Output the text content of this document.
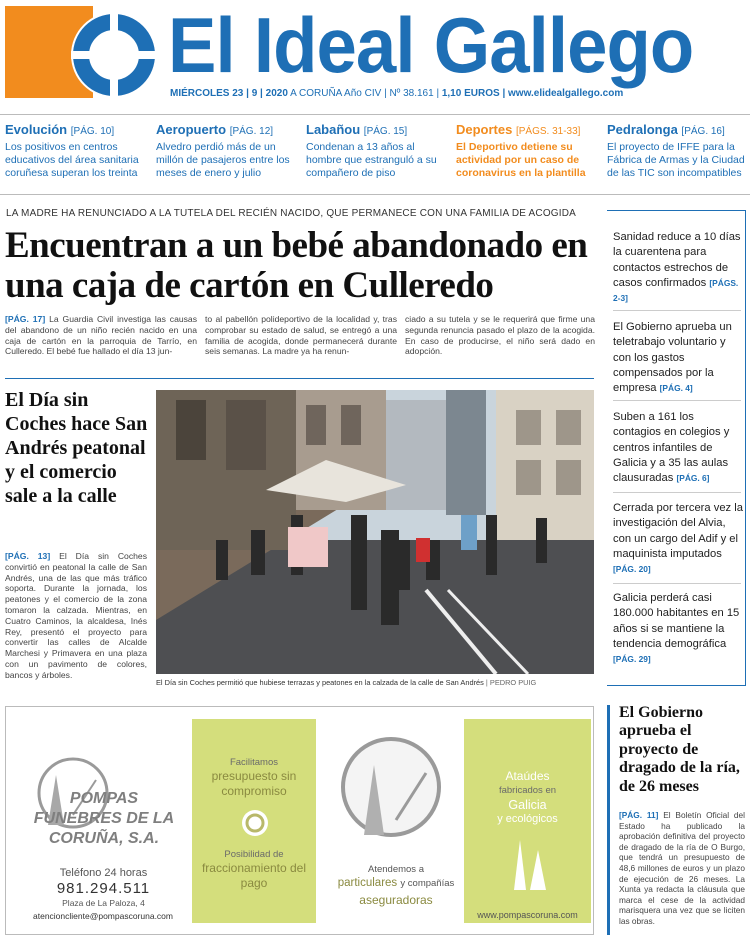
El Ideal Gallego
MIÉRCOLES 23 | 9 | 2020 A CORUÑA Año CIV | Nº 38.161 | 1,10 EUROS | www.elidealgallego.com
Evolución [PÁG. 10]
Los positivos en centros educativos del área sanitaria coruñesa superan los treinta
Aeropuerto [PÁG. 12]
Alvedro perdió más de un millón de pasajeros entre los meses de enero y julio
Labañou [PÁG. 15]
Condenan a 13 años al hombre que estranguló a su compañero de piso
Deportes [PÁGS. 31-33]
El Deportivo detiene su actividad por un caso de coronavirus en la plantilla
Pedralonga [PÁG. 16]
El proyecto de IFFE para la Fábrica de Armas y la Ciudad de las TIC son incompatibles
LA MADRE HA RENUNCIADO A LA TUTELA DEL RECIÉN NACIDO, QUE PERMANECE CON UNA FAMILIA DE ACOGIDA
Encuentran a un bebé abandonado en una caja de cartón en Culleredo
[PÁG. 17] La Guardia Civil investiga las causas del abandono de un niño recién nacido en una caja de cartón en la parroquia de Tarrío, en Culleredo. El bebé fue hallado el día 13 jun-
to al pabellón polideportivo de la localidad y, tras comprobar su estado de salud, se entregó a una familia de acogida, donde permanecerá durante seis semanas. La madre ya ha renun-
ciado a su tutela y se le requerirá que firme una segunda renuncia pasado el plazo de la acogida. En caso de producirse, el niño será dado en adopción.
El Día sin Coches hace San Andrés peatonal y el comercio sale a la calle
[PÁG. 13] El Día sin Coches convirtió en peatonal la calle de San Andrés, una de las que más tráfico soporta. Durante la jornada, los peatones y el comercio de la zona tomaron la calzada. Mientras, en Cuatro Caminos, la alcaldesa, Inés Rey, presentó el proyecto para convertir las calles de Alcalde Marchesi y Primavera en una plaza con un pavimento de colores, bancos y árboles.
El Día sin Coches permitió que hubiese terrazas y peatones en la calzada de la calle de San Andrés | PEDRO PUIG
Sanidad reduce a 10 días la cuarentena para contactos estrechos de casos confirmados [PÁGS. 2-3]
El Gobierno aprueba un teletrabajo voluntario y con los gastos compensados por la empresa [PÁG. 4]
Suben a 161 los contagios en colegios y centros infantiles de Galicia y a 35 las aulas clausuradas [PÁG. 6]
Cerrada por tercera vez la investigación del Alvia, con un cargo del Adif y el maquinista imputados [PÁG. 20]
Galicia perderá casi 180.000 habitantes en 15 años si se mantiene la tendencia demográfica [PÁG. 29]
El Gobierno aprueba el proyecto de dragado de la ría, de 26 meses
[PÁG. 11] El Boletín Oficial del Estado ha publicado la aprobación definitiva del proyecto de dragado de la ría de O Burgo, que tendrá un presupuesto de 48,6 millones de euros y un plazo de ejecución de 26 meses. La Xunta ya redacta la cláusula que marca el cese de la actividad marisquera una vez que se liciten las obras.
POMPAS FUNEBRES DE LA CORUÑA, S.A.
Teléfono 24 horas
981.294.511
Plaza de La Paloza, 4
atencioncliente@pompascoruna.com
Facilitamos
presupuesto sin compromiso
Posibilidad de
fraccionamiento del pago
Atendemos a
particulares y compañías
aseguradoras
Ataúdes
fabricados en
Galicia
y ecológicos
www.pompascoruna.com
